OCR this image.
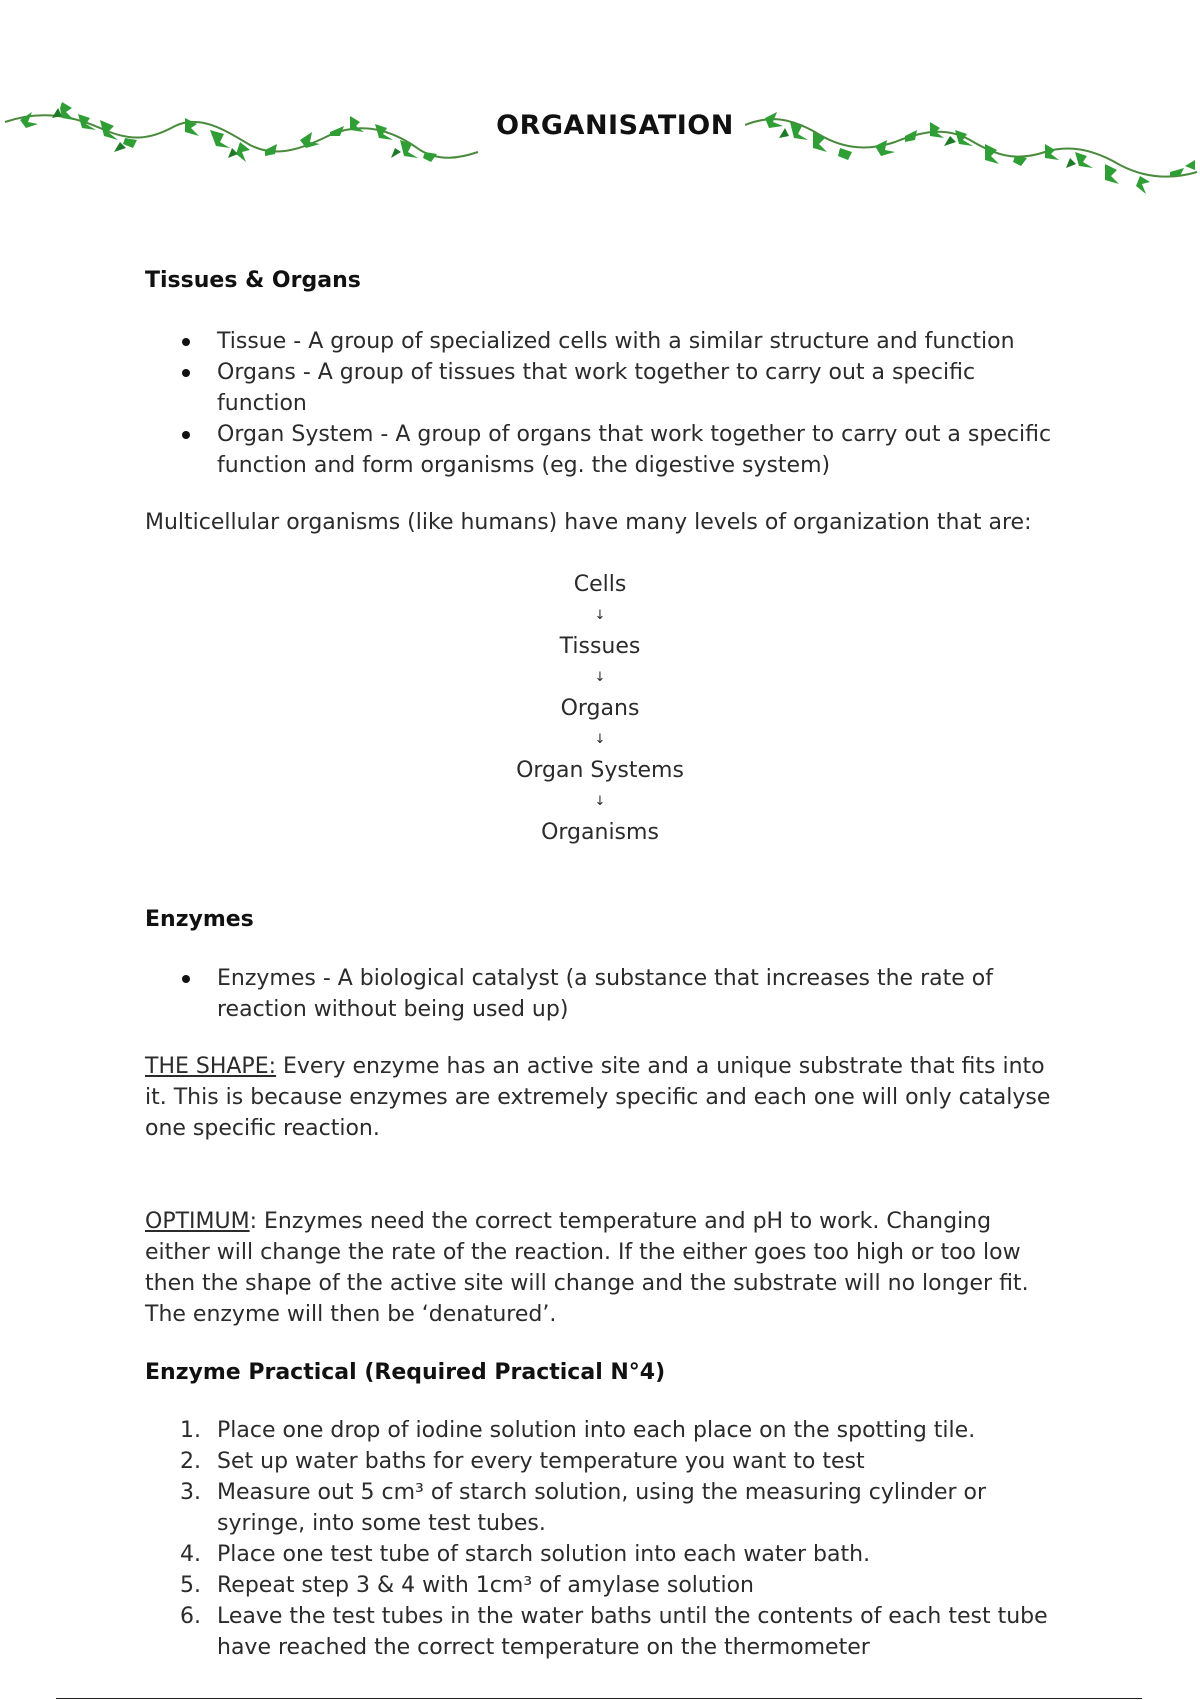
ORGANISATION
Tissues & Organs
Tissue - A group of specialized cells with a similar structure and function
Organs - A group of tissues that work together to carry out a specific function
Organ System - A group of organs that work together to carry out a specific function and form organisms (eg. the digestive system)

Multicellular organisms (like humans) have many levels of organization that are:

Cells
↓
Tissues
↓
Organs
↓
Organ Systems
↓
Organisms
Enzymes
Enzymes - A biological catalyst (a substance that increases the rate of reaction without being used up)

THE SHAPE: Every enzyme has an active site and a unique substrate that fits into it. This is because enzymes are extremely specific and each one will only catalyse one specific reaction.

OPTIMUM: Enzymes need the correct temperature and pH to work. Changing either will change the rate of the reaction. If the either goes too high or too low then the shape of the active site will change and the substrate will no longer fit. The enzyme will then be ‘denatured’.

Enzyme Practical (Required Practical N°4)
1. Place one drop of iodine solution into each place on the spotting tile.
2. Set up water baths for every temperature you want to test
3. Measure out 5 cm³ of starch solution, using the measuring cylinder or syringe, into some test tubes.
4. Place one test tube of starch solution into each water bath.
5. Repeat step 3 & 4 with 1cm³ of amylase solution
6. Leave the test tubes in the water baths until the contents of each test tube have reached the correct temperature on the thermometer
